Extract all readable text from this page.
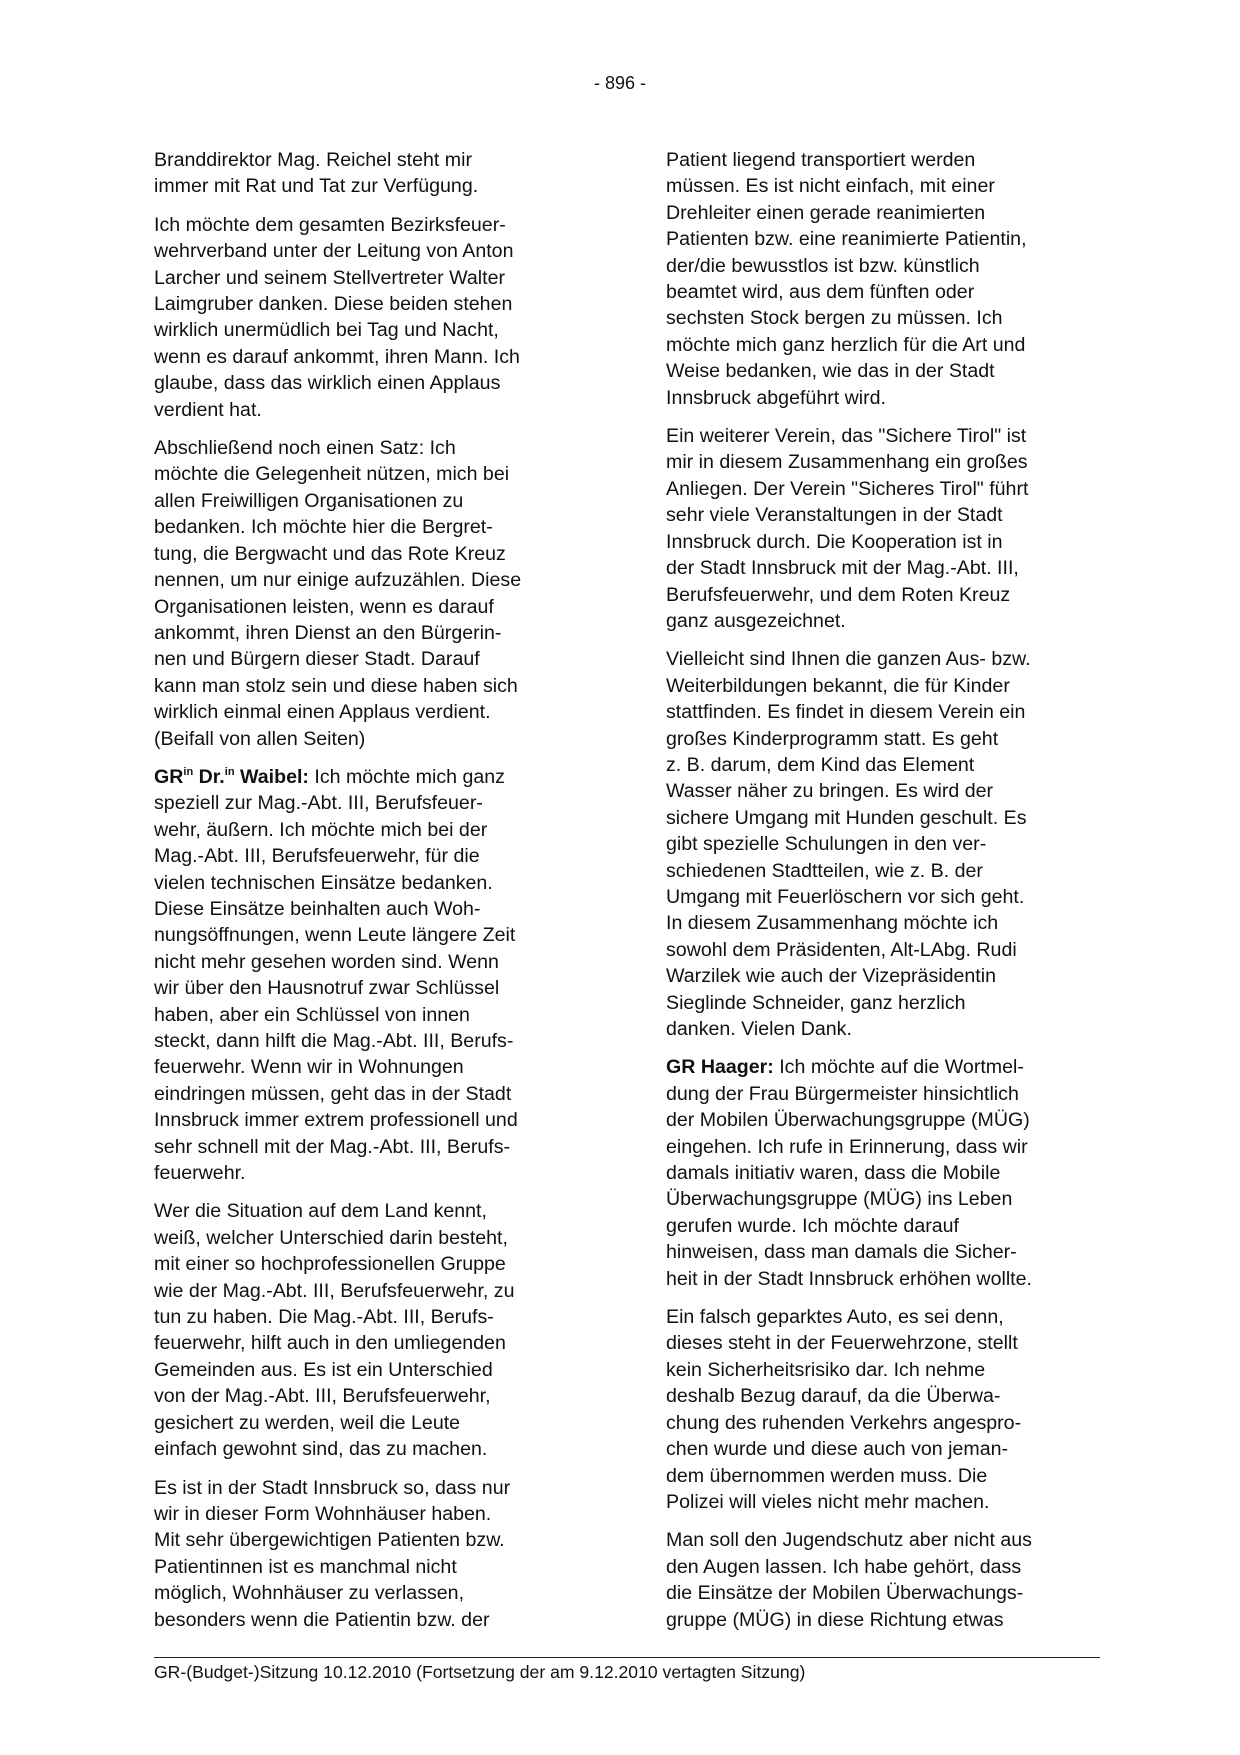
- 896 -

Branddirektor Mag. Reichel steht mir
immer mit Rat und Tat zur Verfügung.

Ich möchte dem gesamten Bezirksfeuer-
wehrverband unter der Leitung von Anton
Larcher und seinem Stellvertreter Walter
Laimgruber danken. Diese beiden stehen
wirklich unermüdlich bei Tag und Nacht,
wenn es darauf ankommt, ihren Mann. Ich
glaube, dass das wirklich einen Applaus
verdient hat.

Abschließend noch einen Satz: Ich
möchte die Gelegenheit nützen, mich bei
allen Freiwilligen Organisationen zu
bedanken. Ich möchte hier die Bergret-
tung, die Bergwacht und das Rote Kreuz
nennen, um nur einige aufzuzählen. Diese
Organisationen leisten, wenn es darauf
ankommt, ihren Dienst an den Bürgerin-
nen und Bürgern dieser Stadt. Darauf
kann man stolz sein und diese haben sich
wirklich einmal einen Applaus verdient.
(Beifall von allen Seiten)

$GR^{in}$ Dr.$^{in}$ Waibel: Ich möchte mich ganz
speziell zur Mag.-Abt. III, Berufsfeuer-
wehr, äußern. Ich möchte mich bei der
Mag.-Abt. III, Berufsfeuerwehr, für die
vielen technischen Einsätze bedanken.
Diese Einsätze beinhalten auch Woh-
nungsöffnungen, wenn Leute längere Zeit
nicht mehr gesehen worden sind. Wenn
wir über den Hausnotruf zwar Schlüssel
haben, aber ein Schlüssel von innen
steckt, dann hilft die Mag.-Abt. III, Berufs-
feuerwehr. Wenn wir in Wohnungen
eindringen müssen, geht das in der Stadt
Innsbruck immer extrem professionell und
sehr schnell mit der Mag.-Abt. III, Berufs-
feuerwehr.

Wer die Situation auf dem Land kennt,
weiß, welcher Unterschied darin besteht,
mit einer so hochprofessionellen Gruppe
wie der Mag.-Abt. III, Berufsfeuerwehr, zu
tun zu haben. Die Mag.-Abt. III, Berufs-
feuerwehr, hilft auch in den umliegenden
Gemeinden aus. Es ist ein Unterschied
von der Mag.-Abt. III, Berufsfeuerwehr,
gesichert zu werden, weil die Leute
einfach gewohnt sind, das zu machen.

Es ist in der Stadt Innsbruck so, dass nur
wir in dieser Form Wohnhäuser haben.
Mit sehr übergewichtigen Patienten bzw.
Patientinnen ist es manchmal nicht
möglich, Wohnhäuser zu verlassen,
besonders wenn die Patientin bzw. der

Patient liegend transportiert werden
müssen. Es ist nicht einfach, mit einer
Drehleiter einen gerade reanimierten
Patienten bzw. eine reanimierte Patientin,
der/die bewusstlos ist bzw. künstlich
beamtet wird, aus dem fünften oder
sechsten Stock bergen zu müssen. Ich
möchte mich ganz herzlich für die Art und
Weise bedanken, wie das in der Stadt
Innsbruck abgeführt wird.

Ein weiterer Verein, das "Sichere Tirol" ist
mir in diesem Zusammenhang ein großes
Anliegen. Der Verein "Sicheres Tirol" führt
sehr viele Veranstaltungen in der Stadt
Innsbruck durch. Die Kooperation ist in
der Stadt Innsbruck mit der Mag.-Abt. III,
Berufsfeuerwehr, und dem Roten Kreuz
ganz ausgezeichnet.

Vielleicht sind Ihnen die ganzen Aus- bzw.
Weiterbildungen bekannt, die für Kinder
stattfinden. Es findet in diesem Verein ein
großes Kinderprogramm statt. Es geht
z. B. darum, dem Kind das Element
Wasser näher zu bringen. Es wird der
sichere Umgang mit Hunden geschult. Es
gibt spezielle Schulungen in den ver-
schiedenen Stadtteilen, wie z. B. der
Umgang mit Feuerlöschern vor sich geht.
In diesem Zusammenhang möchte ich
sowohl dem Präsidenten, Alt-LAbg. Rudi
Warzilek wie auch der Vizepräsidentin
Sieglinde Schneider, ganz herzlich
danken. Vielen Dank.

GR Haager: Ich möchte auf die Wortmel-
dung der Frau Bürgermeister hinsichtlich
der Mobilen Überwachungsgruppe (MÜG)
eingehen. Ich rufe in Erinnerung, dass wir
damals initiativ waren, dass die Mobile
Überwachungsgruppe (MÜG) ins Leben
gerufen wurde. Ich möchte darauf
hinweisen, dass man damals die Sicher-
heit in der Stadt Innsbruck erhöhen wollte.

Ein falsch geparktes Auto, es sei denn,
dieses steht in der Feuerwehrzone, stellt
kein Sicherheitsrisiko dar. Ich nehme
deshalb Bezug darauf, da die Überwa-
chung des ruhenden Verkehrs angespro-
chen wurde und diese auch von jeman-
dem übernommen werden muss. Die
Polizei will vieles nicht mehr machen.

Man soll den Jugendschutz aber nicht aus
den Augen lassen. Ich habe gehört, dass
die Einsätze der Mobilen Überwachungs-
gruppe (MÜG) in diese Richtung etwas

GR-(Budget-)Sitzung 10.12.2010 (Fortsetzung der am 9.12.2010 vertagten Sitzung)
